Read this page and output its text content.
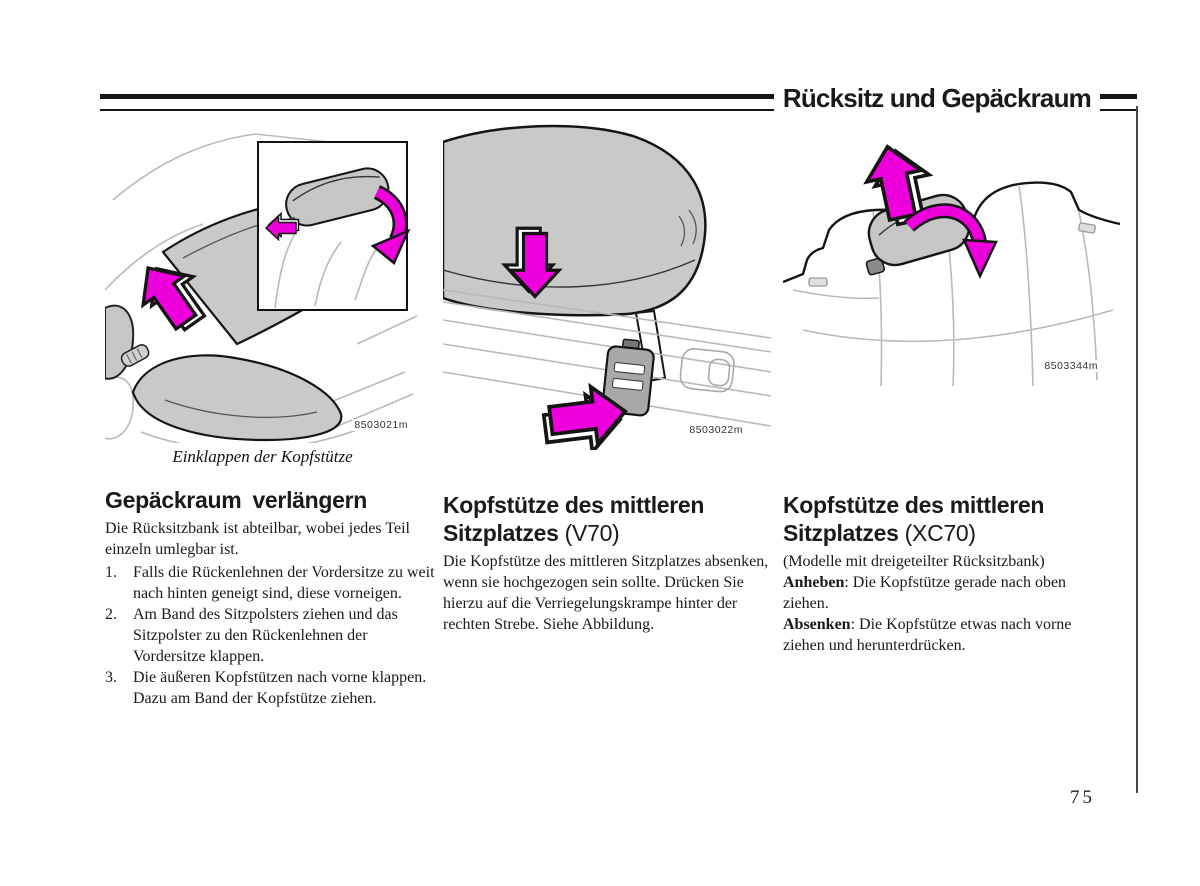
Rücksitz und Gepäckraum
8503021m
Einklappen der Kopfstütze
8503022m
8503344m
Gepäckraum verlängern

Die Rücksitzbank ist abteilbar, wobei jedes Teil einzeln umlegbar ist.

1. Falls die Rückenlehnen der Vordersitze zu weit nach hinten geneigt sind, diese vorneigen.
2. Am Band des Sitzpolsters ziehen und das Sitzpolster zu den Rückenlehnen der Vordersitze klappen.
3. Die äußeren Kopfstützen nach vorne klappen. Dazu am Band der Kopfstütze ziehen.
Kopfstütze des mittleren Sitzplatzes (V70)

Die Kopfstütze des mittleren Sitzplatzes absenken, wenn sie hochgezogen sein sollte. Drücken Sie hierzu auf die Verriegelungskrampe hinter der rechten Strebe. Siehe Abbildung.

Kopfstütze des mittleren Sitzplatzes (XC70)

(Modelle mit dreigeteilter Rücksitzbank)

Anheben: Die Kopfstütze gerade nach oben ziehen.

Absenken: Die Kopfstütze etwas nach vorne ziehen und herunterdrücken.

75
